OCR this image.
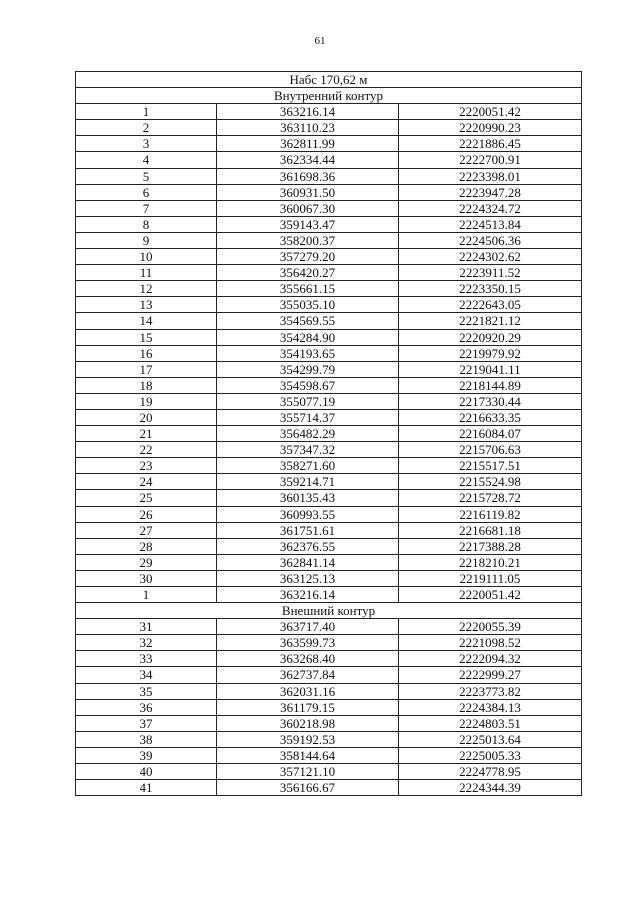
61
Набс 170,62 м		
Внутренний контур		
1	363216.14	2220051.42
2	363110.23	2220990.23
3	362811.99	2221886.45
4	362334.44	2222700.91
5	361698.36	2223398.01
6	360931.50	2223947.28
7	360067.30	2224324.72
8	359143.47	2224513.84
9	358200.37	2224506.36
10	357279.20	2224302.62
11	356420.27	2223911.52
12	355661.15	2223350.15
13	355035.10	2222643.05
14	354569.55	2221821.12
15	354284.90	2220920.29
16	354193.65	2219979.92
17	354299.79	2219041.11
18	354598.67	2218144.89
19	355077.19	2217330.44
20	355714.37	2216633.35
21	356482.29	2216084.07
22	357347.32	2215706.63
23	358271.60	2215517.51
24	359214.71	2215524.98
25	360135.43	2215728.72
26	360993.55	2216119.82
27	361751.61	2216681.18
28	362376.55	2217388.28
29	362841.14	2218210.21
30	363125.13	2219111.05
1	363216.14	2220051.42
Внешний контур		
31	363717.40	2220055.39
32	363599.73	2221098.52
33	363268.40	2222094.32
34	362737.84	2222999.27
35	362031.16	2223773.82
36	361179.15	2224384.13
37	360218.98	2224803.51
38	359192.53	2225013.64
39	358144.64	2225005.33
40	357121.10	2224778.95
41	356166.67	2224344.39
